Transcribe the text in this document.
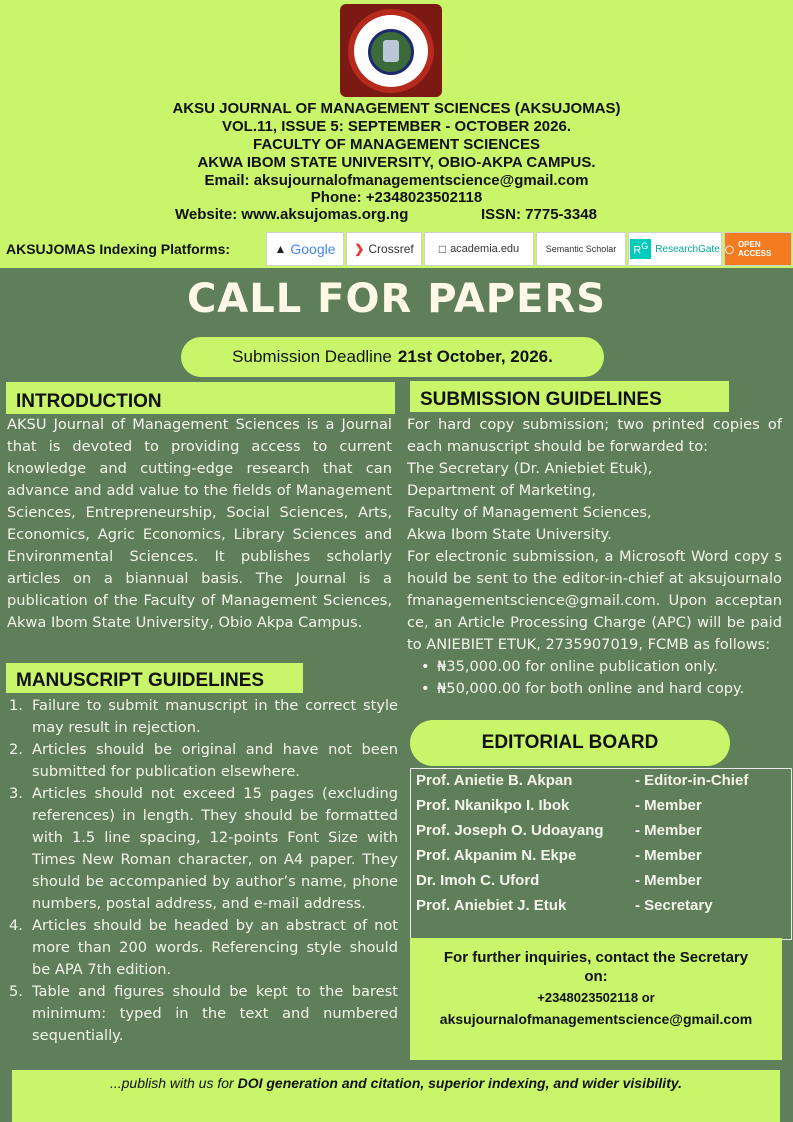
AKSU JOURNAL OF MANAGEMENT SCIENCES (AKSUJOMAS)
VOL.11, ISSUE 5: SEPTEMBER - OCTOBER 2026.
FACULTY OF MANAGEMENT SCIENCES
AKWA IBOM STATE UNIVERSITY, OBIO-AKPA CAMPUS.
Email: aksujournalofmanagementscience@gmail.com
Phone: +2348023502118
Website: www.aksujomas.org.ng	ISSN: 7775-3348
AKSUJOMAS Indexing Platforms:	▲ Google ❯ Crossref □ academia.edu	Semantic Scholar $R^G$ ResearchGate ◯ OPEN ACCESS
CALL FOR PAPERS
Submission Deadline 21st October, 2026.
INTRODUCTION
AKSU Journal of Management Sciences is a Journal that is devoted to providing access to current knowledge and cutting-edge research that can advance and add value to the fields of Management Sciences, Entrepreneurship, Social Sciences, Arts, Economics, Agric Economics, Library Sciences and Environmental Sciences. It publishes scholarly articles on a biannual basis. The Journal is a publication of the Faculty of Management Sciences, Akwa Ibom State University, Obio Akpa Campus.
MANUSCRIPT GUIDELINES
1. Failure to submit manuscript in the correct style may result in rejection.
2. Articles should be original and have not been submitted for publication elsewhere.
3. Articles should not exceed 15 pages (excluding references) in length. They should be formatted with 1.5 line spacing, 12-points Font Size with Times New Roman character, on A4 paper. They should be accompanied by author’s name, phone numbers, postal address, and e-mail address.
4. Articles should be headed by an abstract of not more than 200 words. Referencing style should be APA 7th edition.
5. Table and figures should be kept to the barest minimum: typed in the text and numbered sequentially.
SUBMISSION GUIDELINES
For hard copy submission; two printed copies of each manuscript should be forwarded to:
The Secretary (Dr. Aniebiet Etuk),
Department of Marketing,
Faculty of Management Sciences,
Akwa Ibom State University.
For electronic submission, a Microsoft Word copy should be sent to the editor-in-chief at aksujournalofmanagementscience@gmail.com. Upon acceptance, an Article Processing Charge (APC) will be paid to ANIEBIET ETUK, 2735907019, FCMB as follows:
• ₦35,000.00 for online publication only.
• ₦50,000.00 for both online and hard copy.
EDITORIAL BOARD
Prof. Anietie B. Akpan	- Editor-in-Chief
Prof. Nkanikpo I. Ibok	- Member
Prof. Joseph O. Udoayang - Member
Prof. Akpanim N. Ekpe	- Member
Dr. Imoh C. Uford	- Member
Prof. Aniebiet J. Etuk	- Secretary
For further inquiries, contact the Secretary
on:
+2348023502118 or
aksujournalofmanagementscience@gmail.com
...publish with us for DOI generation and citation, superior indexing, and wider visibility.
